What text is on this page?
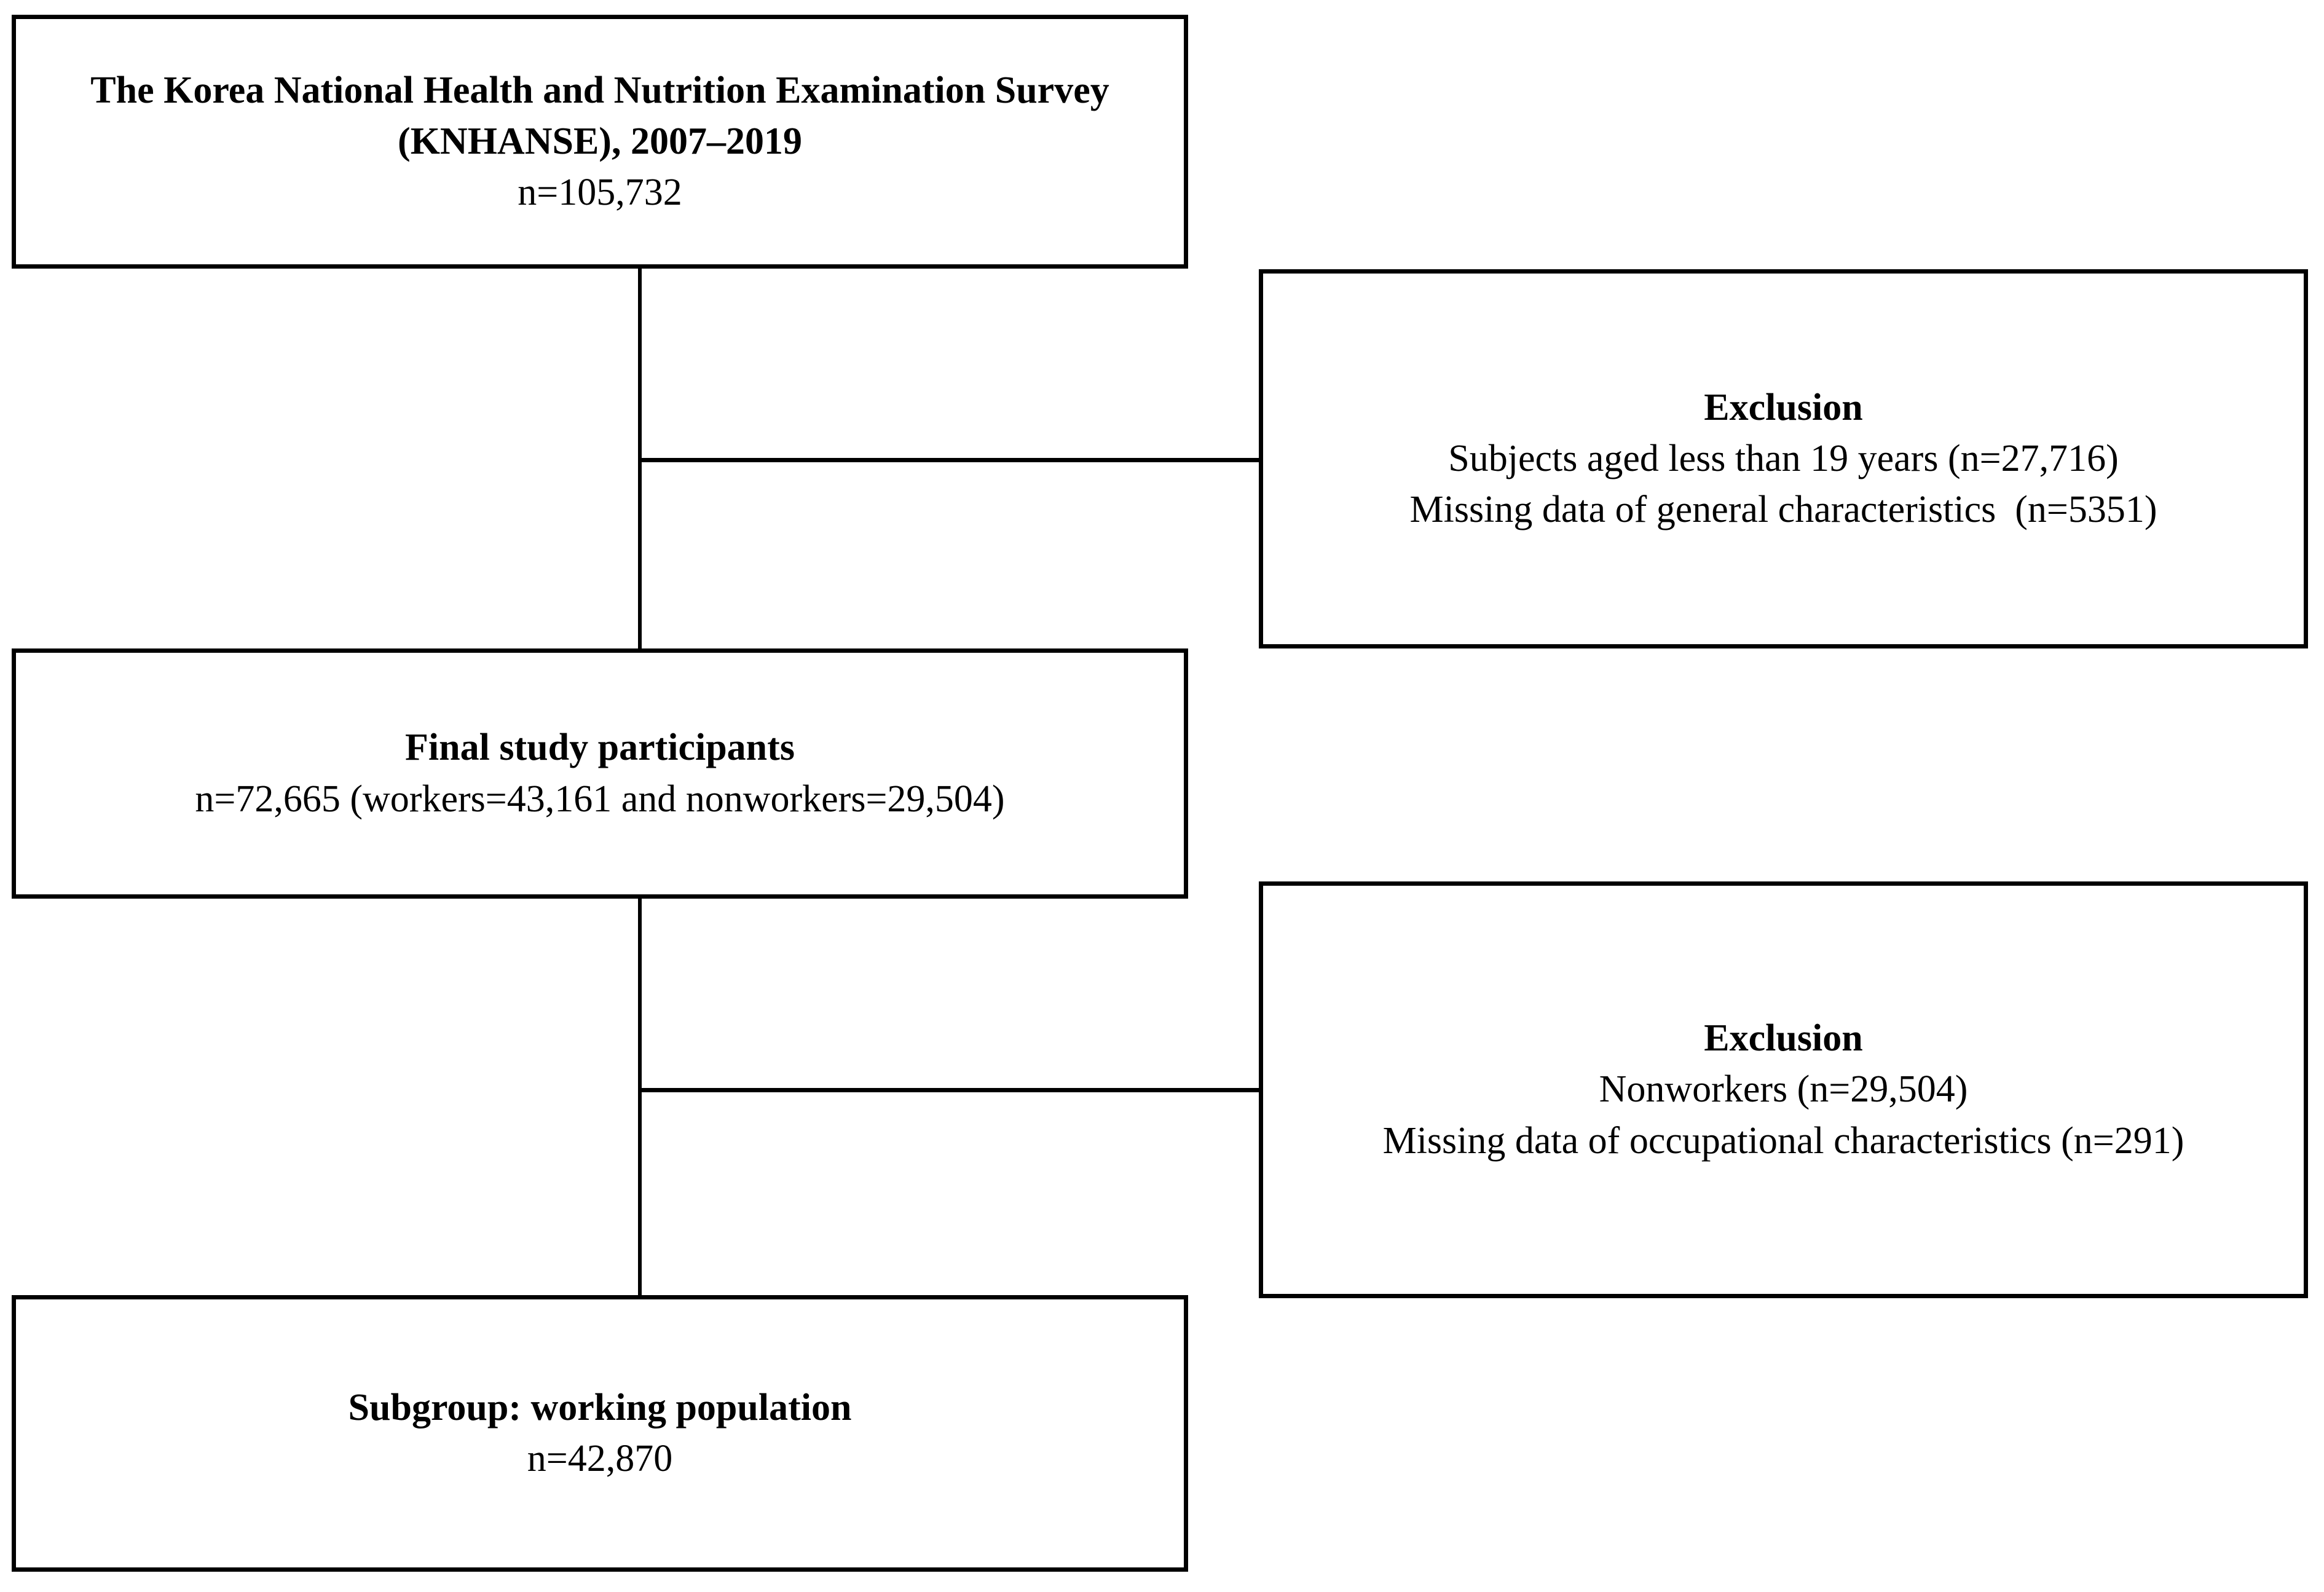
The Korea National Health and Nutrition Examination Survey
(KNHANSE), 2007–2019
n=105,732
Exclusion
Subjects aged less than 19 years (n=27,716)
Missing data of general characteristics  (n=5351)
Final study participants
n=72,665 (workers=43,161 and nonworkers=29,504)
Exclusion
Nonworkers (n=29,504)
Missing data of occupational characteristics (n=291)
Subgroup: working population
n=42,870
